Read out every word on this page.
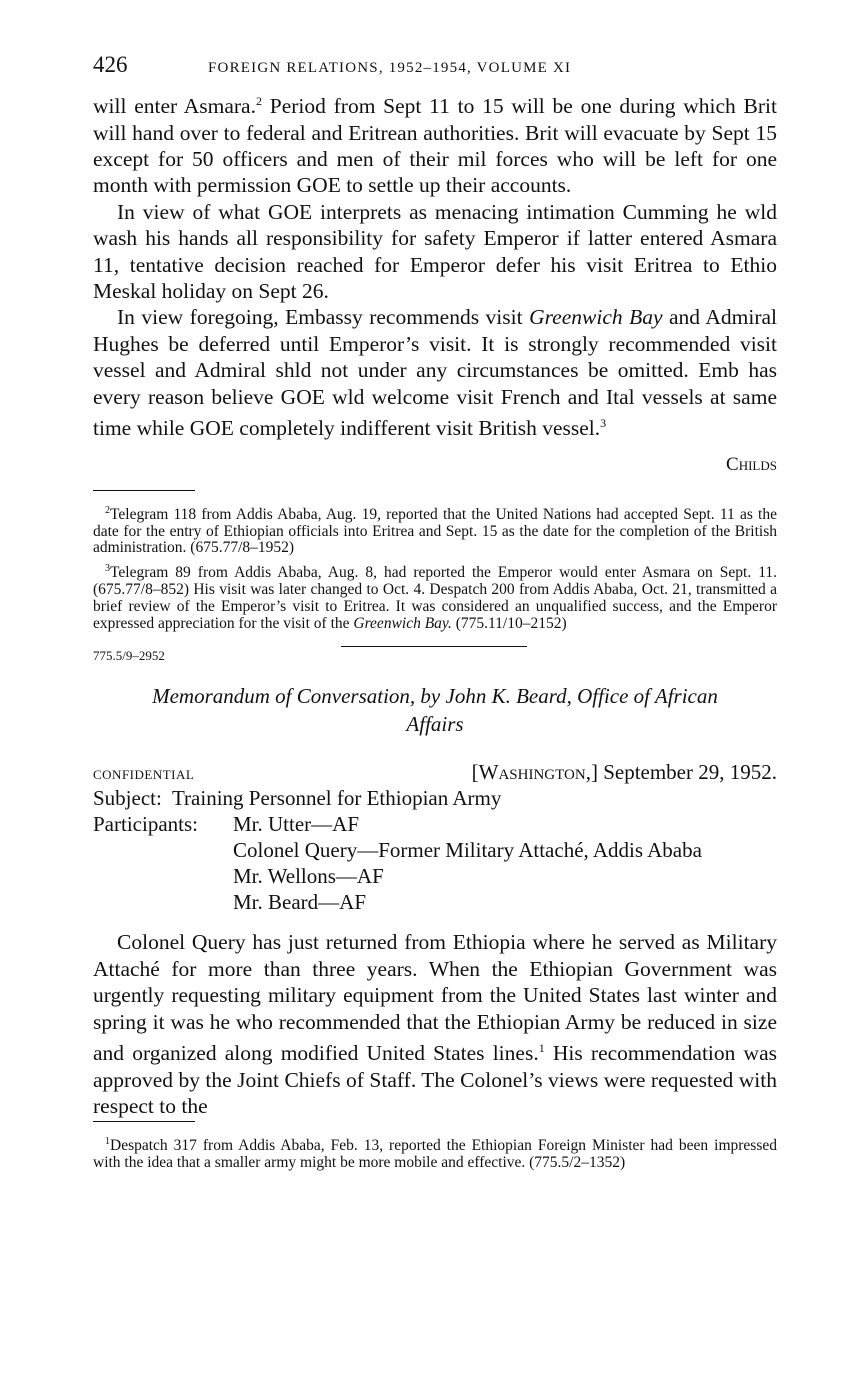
426	FOREIGN RELATIONS, 1952–1954, VOLUME XI

will enter Asmara.$^2$ Period from Sept 11 to 15 will be one during which Brit will hand over to federal and Eritrean authorities. Brit will evacuate by Sept 15 except for 50 officers and men of their mil forces who will be left for one month with permission GOE to settle up their accounts.

In view of what GOE interprets as menacing intimation Cumming he wld wash his hands all responsibility for safety Emperor if latter entered Asmara 11, tentative decision reached for Emperor defer his visit Eritrea to Ethio Meskal holiday on Sept 26.

In view foregoing, Embassy recommends visit Greenwich Bay and Admiral Hughes be deferred until Emperor’s visit. It is strongly recommended visit vessel and Admiral shld not under any circumstances be omitted. Emb has every reason believe GOE wld welcome visit French and Ital vessels at same time while GOE completely indifferent visit British vessel.$^3$

Childs

$^2$Telegram 118 from Addis Ababa, Aug. 19, reported that the United Nations had accepted Sept. 11 as the date for the entry of Ethiopian officials into Eritrea and Sept. 15 as the date for the completion of the British administration. (675.77/8–1952)

$^3$Telegram 89 from Addis Ababa, Aug. 8, had reported the Emperor would enter Asmara on Sept. 11. (675.77/8–852) His visit was later changed to Oct. 4. Despatch 200 from Addis Ababa, Oct. 21, transmitted a brief review of the Emperor’s visit to Eritrea. It was considered an unqualified success, and the Emperor expressed appreciation for the visit of the Greenwich Bay. (775.11/10–2152)

775.5/9–2952
Memorandum of Conversation, by John K. Beard, Office of African Affairs
CONFIDENTIAL	[Washington,] September 29, 1952.
Subject: Training Personnel for Ethiopian Army
Participants:	Mr. Utter—AF
Colonel Query—Former Military Attaché, Addis Ababa
Mr. Wellons—AF
Mr. Beard—AF

Colonel Query has just returned from Ethiopia where he served as Military Attaché for more than three years. When the Ethiopian Government was urgently requesting military equipment from the United States last winter and spring it was he who recommended that the Ethiopian Army be reduced in size and organized along modified United States lines.$^1$ His recommendation was approved by the Joint Chiefs of Staff. The Colonel’s views were requested with respect to the

$^1$Despatch 317 from Addis Ababa, Feb. 13, reported the Ethiopian Foreign Minister had been impressed with the idea that a smaller army might be more mobile and effective. (775.5/2–1352)
